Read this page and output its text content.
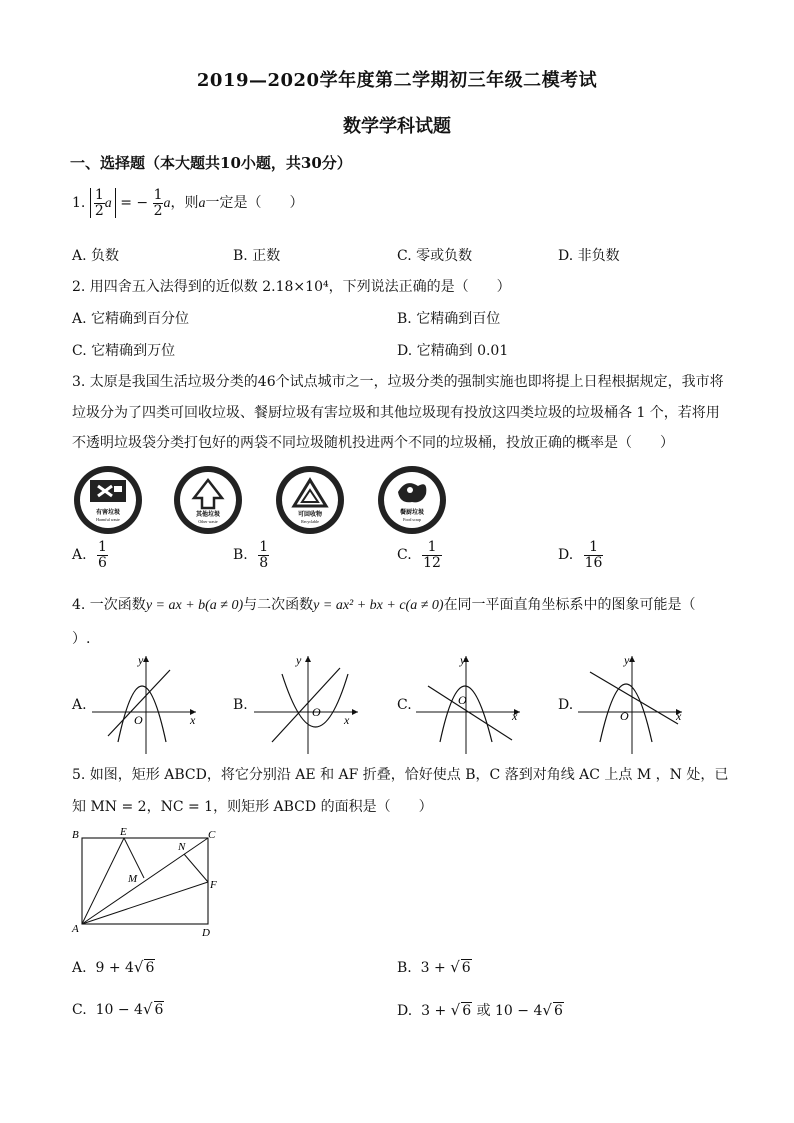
2019—2020学年度第二学期初三年级二模考试
数学学科试题
一、选择题（本大题共10小题，共30分）
1. $\frac{1}{2}$ a = − $\frac{1}{2}$ a，则a一定是（　　）
A. 负数	B. 正数	C. 零或负数	D. 非负数
2. 用四舍五入法得到的近似数 2.18×10⁴，下列说法正确的是（　　）
A. 它精确到百分位	B. 它精确到百位
C. 它精确到万位	D. 它精确到 0.01
3. 太原是我国生活垃圾分类的46个试点城市之一，垃圾分类的强制实施也即将提上日程根据规定，我市将
垃圾分为了四类可回收垃圾、餐厨垃圾有害垃圾和其他垃圾现有投放这四类垃圾的垃圾桶各 1 个，若将用
不透明垃圾袋分类打包好的两袋不同垃圾随机投进两个不同的垃圾桶，投放正确的概率是（　　）
有害垃圾
Harmful waste
其他垃圾
Other waste
可回收物
Recyclable
餐厨垃圾
Food scrap
A. $\frac{1}{6}$	B. $\frac{1}{8}$	C. $\frac{1}{12}$	D. $\frac{1}{16}$
4. 一次函数y = ax + b(a ≠ 0)与二次函数y = ax² + bx + c(a ≠ 0)在同一平面直角坐标系中的图象可能是（
）.
A.	B.	C.	D.
x
y
O	x
y
O	x
y
O
x
y
O
5. 如图，矩形 ABCD，将它分别沿 AE 和 AF 折叠，恰好使点 B，C 落到对角线 AC 上点 M ，N 处，已
知 MN = 2，NC = 1，则矩形 ABCD 的面积是（　　）
B	E	C
N
M	F
A	D
A. 9 + 4√ 6	B. 3 + √ 6
C. 10 − 4√ 6	D. 3 + √ 6 或 10 − 4√ 6
